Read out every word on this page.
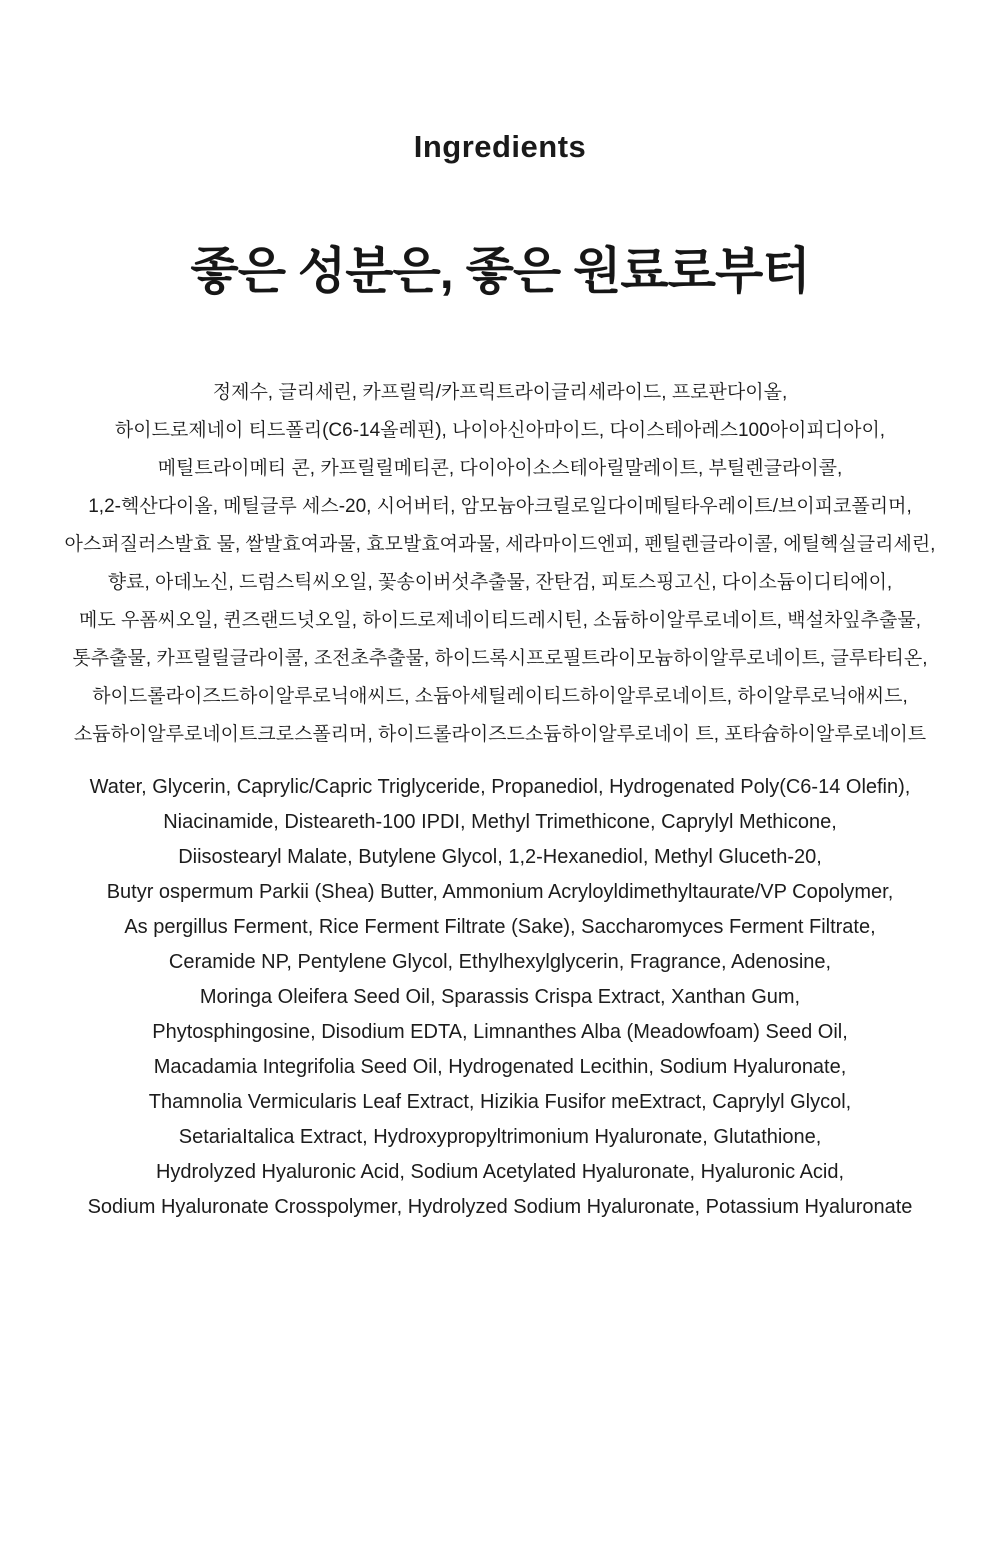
Ingredients
좋은 성분은, 좋은 원료로부터
정제수, 글리세린, 카프릴릭/카프릭트라이글리세라이드, 프로판다이올,
하이드로제네이 티드폴리(C6-14올레핀), 나이아신아마이드, 다이스테아레스100아이피디아이,
메틸트라이메티 콘, 카프릴릴메티콘, 다이아이소스테아릴말레이트, 부틸렌글라이콜,
1,2-헥산다이올, 메틸글루 세스-20, 시어버터, 암모늄아크릴로일다이메틸타우레이트/브이피코폴리머,
아스퍼질러스발효 물, 쌀발효여과물, 효모발효여과물, 세라마이드엔피, 펜틸렌글라이콜, 에틸헥실글리세린,
향료, 아데노신, 드럼스틱씨오일, 꽃송이버섯추출물, 잔탄검, 피토스핑고신, 다이소듐이디티에이,
메도 우폼씨오일, 퀸즈랜드넛오일, 하이드로제네이티드레시틴, 소듐하이알루로네이트, 백설차잎추출물,
톳추출물, 카프릴릴글라이콜, 조전초추출물, 하이드록시프로필트라이모늄하이알루로네이트, 글루타티온,
하이드롤라이즈드하이알루로닉애씨드, 소듐아세틸레이티드하이알루로네이트, 하이알루로닉애씨드,
소듐하이알루로네이트크로스폴리머, 하이드롤라이즈드소듐하이알루로네이 트, 포타슘하이알루로네이트
Water, Glycerin, Caprylic/Capric Triglyceride, Propanediol, Hydrogenated Poly(C6-14 Olefin),
Niacinamide, Disteareth-100 IPDI, Methyl Trimethicone, Caprylyl Methicone,
Diisostearyl Malate, Butylene Glycol, 1,2-Hexanediol, Methyl Gluceth-20,
Butyr ospermum Parkii (Shea) Butter, Ammonium Acryloyldimethyltaurate/VP Copolymer,
As pergillus Ferment, Rice Ferment Filtrate (Sake), Saccharomyces Ferment Filtrate,
Ceramide NP, Pentylene Glycol, Ethylhexylglycerin, Fragrance, Adenosine,
Moringa Oleifera Seed Oil, Sparassis Crispa Extract, Xanthan Gum,
Phytosphingosine, Disodium EDTA, Limnanthes Alba (Meadowfoam) Seed Oil,
Macadamia Integrifolia Seed Oil, Hydrogenated Lecithin, Sodium Hyaluronate,
Thamnolia Vermicularis Leaf Extract, Hizikia Fusifor meExtract, Caprylyl Glycol,
SetariaItalica Extract, Hydroxypropyltrimonium Hyaluronate, Glutathione,
Hydrolyzed Hyaluronic Acid, Sodium Acetylated Hyaluronate, Hyaluronic Acid,
Sodium Hyaluronate Crosspolymer, Hydrolyzed Sodium Hyaluronate, Potassium Hyaluronate
